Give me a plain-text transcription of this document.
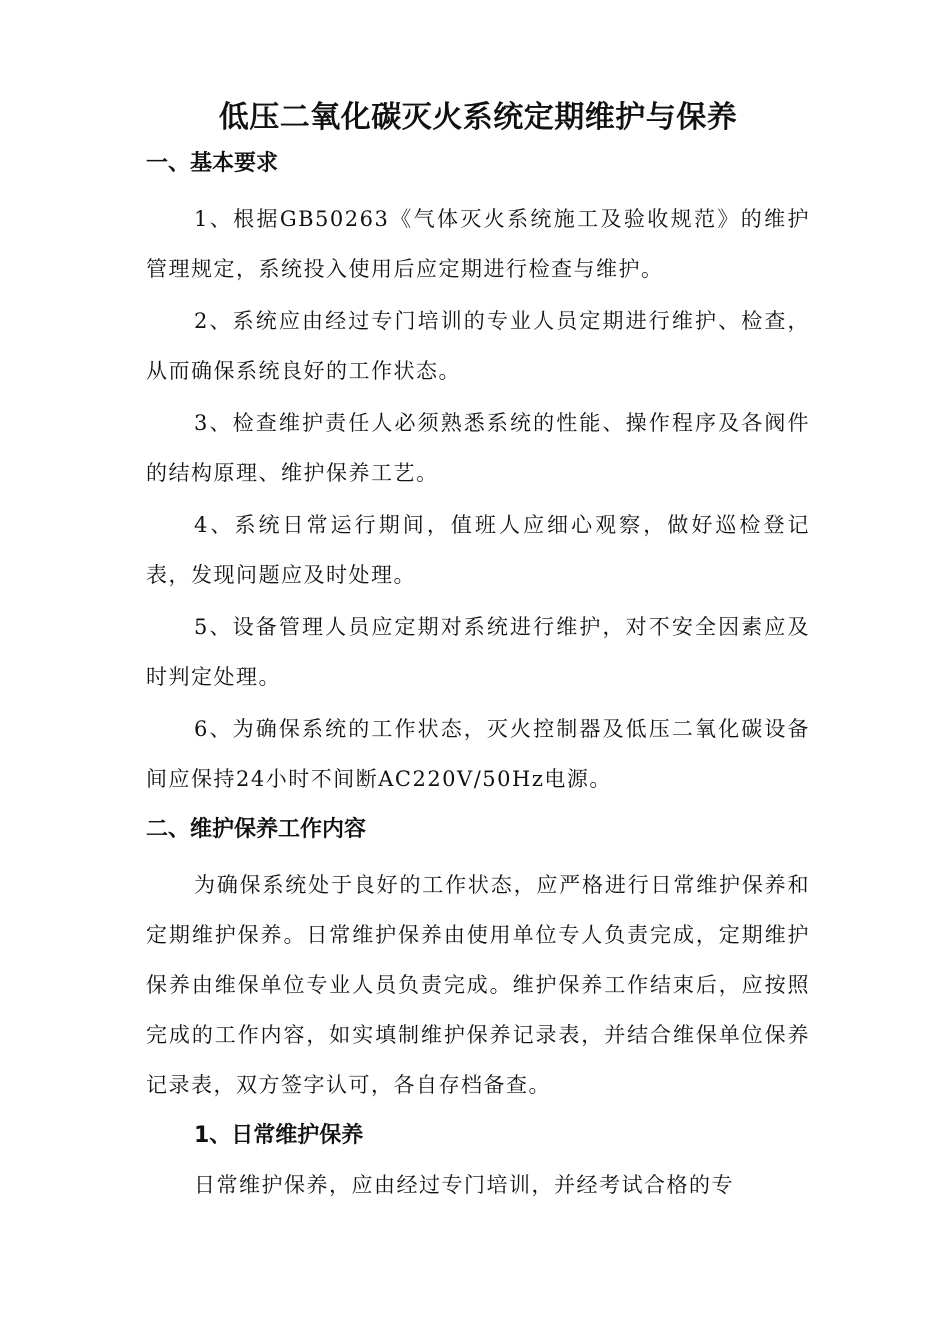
低压二氧化碳灭火系统定期维护与保养
一、基本要求

1、根据GB50263《气体灭火系统施工及验收规范》的维护管理规定，系统投入使用后应定期进行检查与维护。

2、系统应由经过专门培训的专业人员定期进行维护、检查，从而确保系统良好的工作状态。

3、检查维护责任人必须熟悉系统的性能、操作程序及各阀件的结构原理、维护保养工艺。

4、系统日常运行期间，值班人应细心观察，做好巡检登记表，发现问题应及时处理。

5、设备管理人员应定期对系统进行维护，对不安全因素应及时判定处理。

6、为确保系统的工作状态，灭火控制器及低压二氧化碳设备间应保持24小时不间断AC220V/50Hz电源。

二、维护保养工作内容

为确保系统处于良好的工作状态，应严格进行日常维护保养和定期维护保养。日常维护保养由使用单位专人负责完成，定期维护保养由维保单位专业人员负责完成。维护保养工作结束后，应按照完成的工作内容，如实填制维护保养记录表，并结合维保单位保养记录表，双方签字认可，各自存档备查。

1、日常维护保养

日常维护保养，应由经过专门培训，并经考试合格的专
